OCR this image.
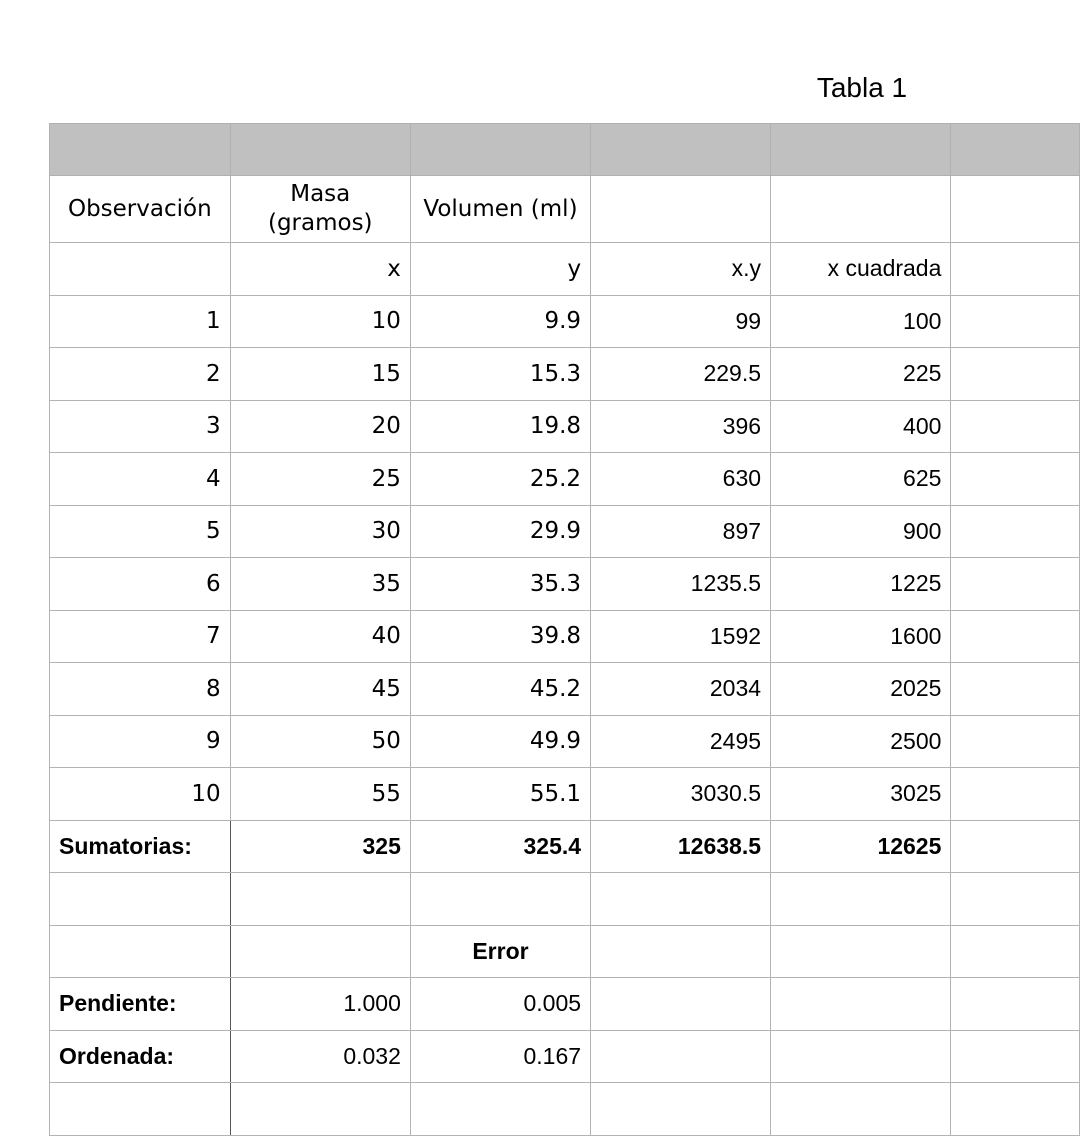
Tabla 1

Observación	Masa (gramos)	Volumen (ml)			
	x	y	x.y	x cuadrada	
1	10	9.9	99	100	
2	15	15.3	229.5	225	
3	20	19.8	396	400	
4	25	25.2	630	625	
5	30	29.9	897	900	
6	35	35.3	1235.5	1225	
7	40	39.8	1592	1600	
8	45	45.2	2034	2025	
9	50	49.9	2495	2500	
10	55	55.1	3030.5	3025	
Sumatorias:	325	325.4	12638.5	12625	

		Error			
Pendiente:	1.000	0.005			
Ordenada:	0.032	0.167			
